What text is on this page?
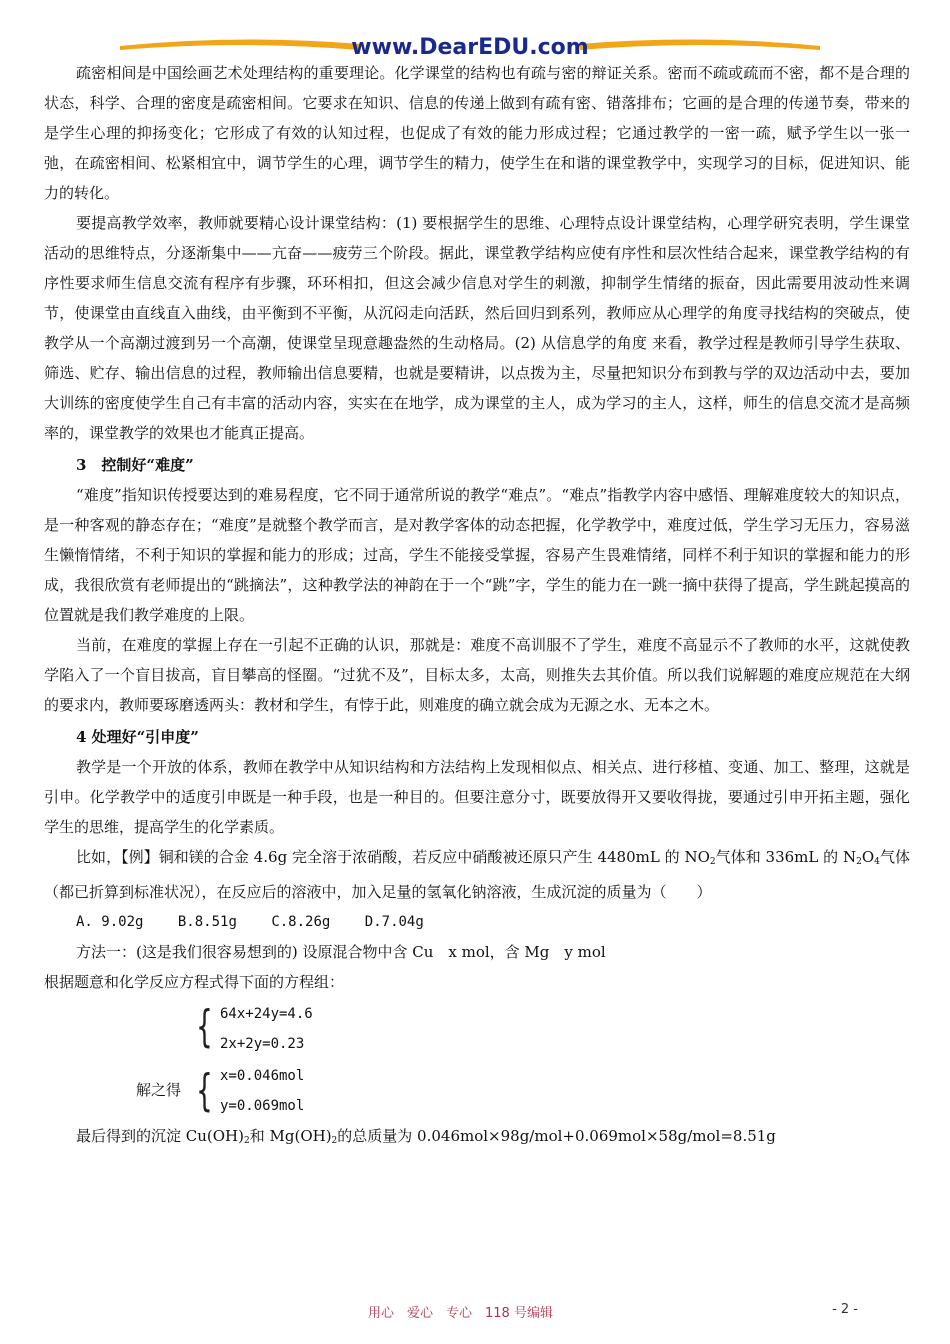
www.DearEDU.com

疏密相间是中国绘画艺术处理结构的重要理论。化学课堂的结构也有疏与密的辩证关系。密而不疏或疏而不密，都不是合理的状态，科学、合理的密度是疏密相间。它要求在知识、信息的传递上做到有疏有密、错落排布；它画的是合理的传递节奏，带来的是学生心理的抑扬变化；它形成了有效的认知过程，也促成了有效的能力形成过程；它通过教学的一密一疏，赋予学生以一张一弛，在疏密相间、松紧相宜中，调节学生的心理，调节学生的精力，使学生在和谐的课堂教学中，实现学习的目标，促进知识、能力的转化。

要提高教学效率，教师就要精心设计课堂结构：(1) 要根据学生的思维、心理特点设计课堂结构，心理学研究表明，学生课堂活动的思维特点，分逐渐集中——亢奋——疲劳三个阶段。据此，课堂教学结构应使有序性和层次性结合起来，课堂教学结构的有序性要求师生信息交流有程序有步骤，环环相扣，但这会减少信息对学生的刺激，抑制学生情绪的振奋，因此需要用波动性来调节，使课堂由直线直入曲线，由平衡到不平衡，从沉闷走向活跃，然后回归到系列，教师应从心理学的角度寻找结构的突破点，使教学从一个高潮过渡到另一个高潮，使课堂呈现意趣盎然的生动格局。(2) 从信息学的角度 来看，教学过程是教师引导学生获取、筛选、贮存、输出信息的过程，教师输出信息要精，也就是要精讲，以点拨为主，尽量把知识分布到教与学的双边活动中去，要加大训练的密度使学生自己有丰富的活动内容，实实在在地学，成为课堂的主人，成为学习的主人，这样，师生的信息交流才是高频率的，课堂教学的效果也才能真正提高。

3　控制好“难度”

“难度”指知识传授要达到的难易程度，它不同于通常所说的教学“难点”。“难点”指教学内容中感悟、理解难度较大的知识点，是一种客观的静态存在；“难度”是就整个教学而言，是对教学客体的动态把握，化学教学中，难度过低，学生学习无压力，容易滋生懒惰情绪，不利于知识的掌握和能力的形成；过高，学生不能接受掌握，容易产生畏难情绪，同样不利于知识的掌握和能力的形成，我很欣赏有老师提出的“跳摘法”，这种教学法的神韵在于一个“跳”字，学生的能力在一跳一摘中获得了提高，学生跳起摸高的位置就是我们教学难度的上限。

当前，在难度的掌握上存在一引起不正确的认识，那就是：难度不高训服不了学生，难度不高显示不了教师的水平，这就使教学陷入了一个盲目拔高，盲目攀高的怪圈。“过犹不及”，目标太多，太高，则推失去其价值。所以我们说解题的难度应规范在大纲的要求内，教师要琢磨透两头：教材和学生，有悖于此，则难度的确立就会成为无源之水、无本之木。

4 处理好“引申度”

教学是一个开放的体系，教师在教学中从知识结构和方法结构上发现相似点、相关点、进行移植、变通、加工、整理，这就是引申。化学教学中的适度引申既是一种手段，也是一种目的。但要注意分寸，既要放得开又要收得拢，要通过引申开拓主题，强化学生的思维，提高学生的化学素质。

比如，【例】铜和镁的合金 4.6g 完全溶于浓硝酸，若反应中硝酸被还原只产生 4480mL 的 $NO_2$气体和 336mL 的 $N_2O_4$气体（都已折算到标准状况），在反应后的溶液中，加入足量的氢氧化钠溶液，生成沉淀的质量为（　　）

A. 9.02g B.8.51g C.8.26g D.7.04g

方法一：(这是我们很容易想到的) 设原混合物中含 Cu　x mol，含 Mg　y mol

根据题意和化学反应方程式得下面的方程组：

{ 64x+24y=4.6
2x+2y=0.23
解之得 { x=0.046mol
y=0.069mol

最后得到的沉淀 $Cu(OH)_2$和 $Mg(OH)_2$的总质量为 0.046mol×98g/mol+0.069mol×58g/mol=8.51g

用心　爱心　专心　118 号编辑	- 2 -
